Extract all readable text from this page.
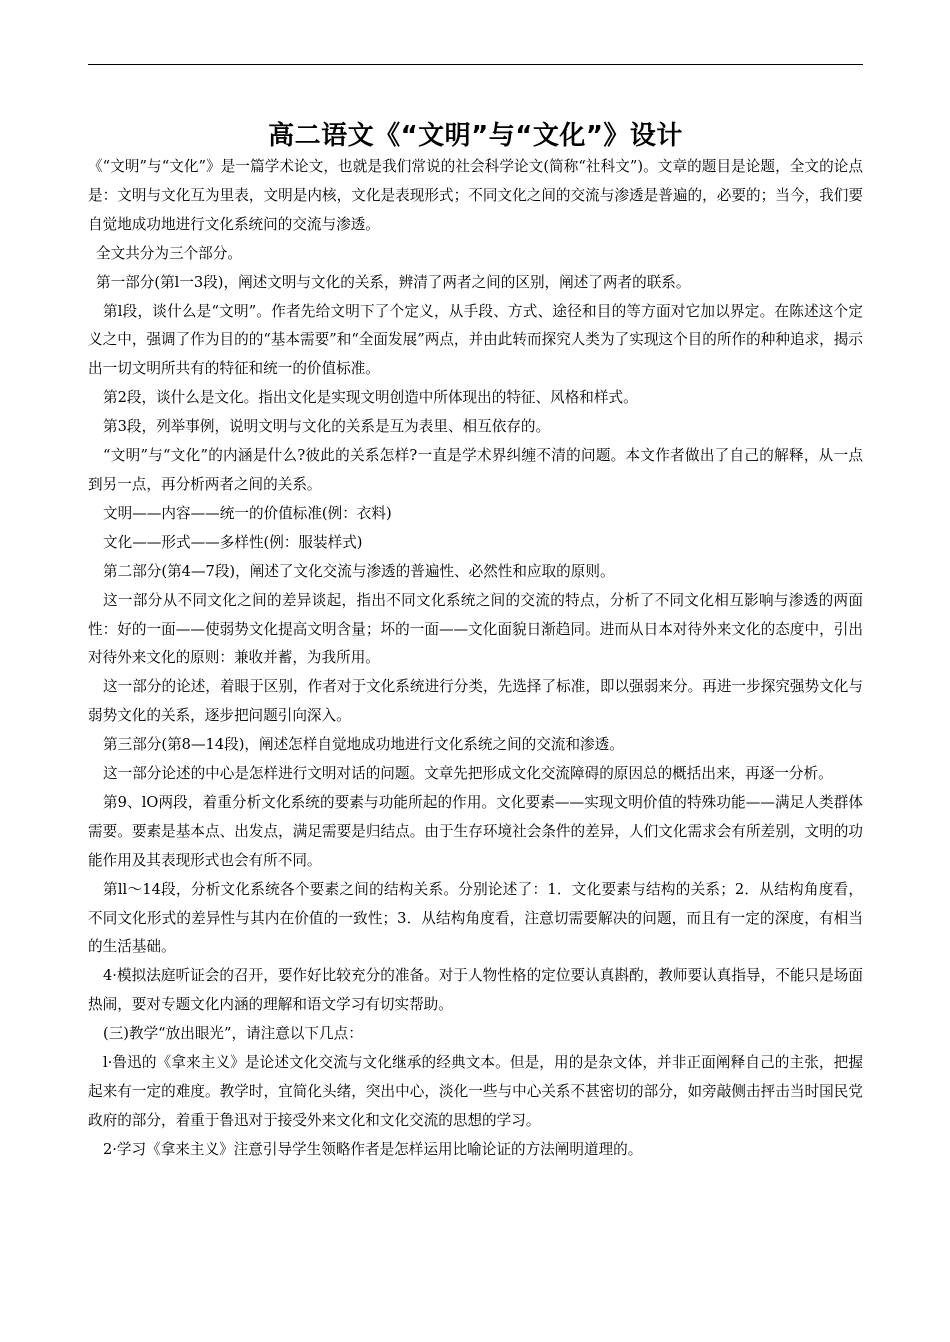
高二语文《“文明”与“文化”》设计

《“文明”与“文化”》是一篇学术论文，也就是我们常说的社会科学论文(简称“社科文”)。文章的题目是论题，全文的论点是：文明与文化互为里表，文明是内核，文化是表现形式；不同文化之间的交流与渗透是普遍的，必要的；当今，我们要自觉地成功地进行文化系统问的交流与渗透。

全文共分为三个部分。

第一部分(第l一3段)，阐述文明与文化的关系，辨清了两者之间的区别，阐述了两者的联系。

第l段，谈什么是“文明”。作者先给文明下了个定义，从手段、方式、途径和目的等方面对它加以界定。在陈述这个定义之中，强调了作为目的的“基本需要”和“全面发展”两点，并由此转而探究人类为了实现这个目的所作的种种追求，揭示出一切文明所共有的特征和统一的价值标准。

第2段，谈什么是文化。指出文化是实现文明创造中所体现出的特征、风格和样式。

第3段，列举事例，说明文明与文化的关系是互为表里、相互依存的。

“文明”与“文化”的内涵是什么?彼此的关系怎样?一直是学术界纠缠不清的问题。本文作者做出了自己的解释，从一点到另一点，再分析两者之间的关系。

文明——内容——统一的价值标准(例：衣料)

文化——形式——多样性(例：服装样式)

第二部分(第4—7段)，阐述了文化交流与渗透的普遍性、必然性和应取的原则。

这一部分从不同文化之间的差异谈起，指出不同文化系统之间的交流的特点，分析了不同文化相互影响与渗透的两面性：好的一面——使弱势文化提高文明含量；坏的一面——文化面貌日渐趋同。进而从日本对待外来文化的态度中，引出对待外来文化的原则：兼收并蓄，为我所用。

这一部分的论述，着眼于区别，作者对于文化系统进行分类，先选择了标准，即以强弱来分。再进一步探究强势文化与弱势文化的关系，逐步把问题引向深入。

第三部分(第8—14段)，阐述怎样自觉地成功地进行文化系统之间的交流和渗透。

这一部分论述的中心是怎样进行文明对话的问题。文章先把形成文化交流障碍的原因总的概括出来，再逐一分析。

第9、lO两段，着重分析文化系统的要素与功能所起的作用。文化要素——实现文明价值的特殊功能——满足人类群体需要。要素是基本点、出发点，满足需要是归结点。由于生存环境社会条件的差异，人们文化需求会有所差别，文明的功能作用及其表现形式也会有所不同。

第ll～14段，分析文化系统各个要素之间的结构关系。分别论述了：1．文化要素与结构的关系；2．从结构角度看，不同文化形式的差异性与其内在价值的一致性；3．从结构角度看，注意切需要解决的问题，而且有一定的深度，有相当的生活基础。

4·模拟法庭听证会的召开，要作好比较充分的准备。对于人物性格的定位要认真斟酌，教师要认真指导，不能只是场面热闹，要对专题文化内涵的理解和语文学习有切实帮助。

(三)教学“放出眼光”，请注意以下几点：

l·鲁迅的《拿来主义》是论述文化交流与文化继承的经典文本。但是，用的是杂文体，并非正面阐释自己的主张，把握起来有一定的难度。教学时，宜简化头绪，突出中心，淡化一些与中心关系不甚密切的部分，如旁敲侧击抨击当时国民党政府的部分，着重于鲁迅对于接受外来文化和文化交流的思想的学习。

2·学习《拿来主义》注意引导学生领略作者是怎样运用比喻论证的方法阐明道理的。
